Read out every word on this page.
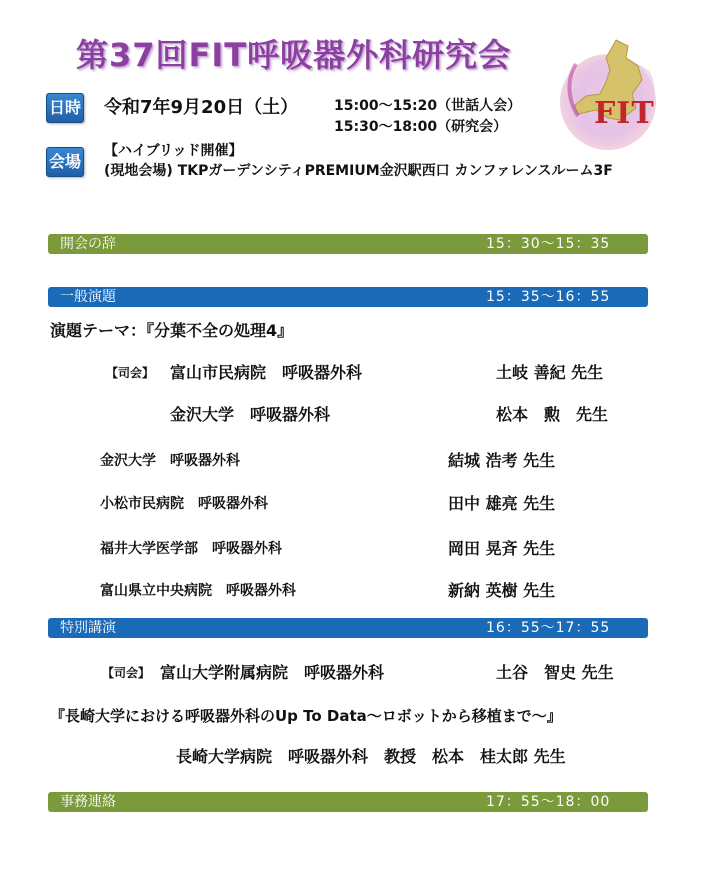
第37回FIT呼吸器外科研究会
FIT
日時 令和7年9月20日（土）	15:00～15:20（世話人会）
15:30～18:00（研究会）
会場
【ハイブリッド開催】
(現地会場) TKPガーデンシティPREMIUM金沢駅西口 カンファレンスルーム3F
開会の辞	15：30～15：35
一般演題	15：35～16：55
演題テーマ：『分葉不全の処理4』
【司会】 富山市民病院　呼吸器外科	土岐 善紀 先生
金沢大学　呼吸器外科	松本　勲　先生
金沢大学　呼吸器外科	結城 浩考 先生
小松市民病院　呼吸器外科	田中 雄亮 先生
福井大学医学部　呼吸器外科	岡田 晃斉 先生
富山県立中央病院　呼吸器外科	新納 英樹 先生
特別講演	16：55～17：55
【司会】 富山大学附属病院　呼吸器外科	土谷　智史 先生
『長崎大学における呼吸器外科のUp To Data～ロボットから移植まで～』
長崎大学病院　呼吸器外科　教授　松本　桂太郎 先生
事務連絡	17：55～18：00
